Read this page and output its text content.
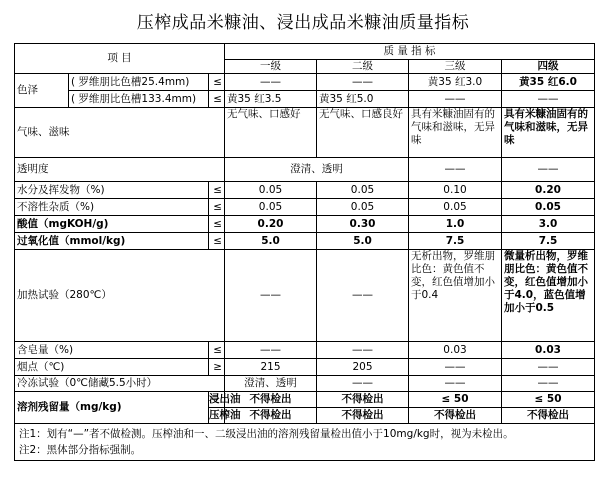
压榨成品米糠油、浸出成品米糠油质量指标
项 目			质 量 指 标			
			一级	二级	三级	四级
色泽	( 罗维朋比色槽25.4mm)	≤	——	——	黄35 红3.0	黄35 红6.0
	( 罗维朋比色槽133.4mm)	≤	黄35 红3.5	黄35 红5.0	——	——
气味、滋味			无气味、口感好	无气味、口感良好	具有米糠油固有的气味和滋味，无异味	具有米糠油固有的气味和滋味，无异味
透明度			澄清、透明		——	——
水分及挥发物（%)		≤	0.05	0.05	0.10	0.20
不溶性杂质（%)		≤	0.05	0.05	0.05	0.05
酸值（mgKOH/g)		≤	0.20	0.30	1.0	3.0
过氧化值（mmol/kg)		≤	5.0	5.0	7.5	7.5
加热试验（280℃）			——	——	无析出物，罗维朋比色：黄色值不变，红色值增加小于0.4	微量析出物，罗维朋比色：黄色值不变，红色值增加小于4.0，蓝色值增加小于0.5
含皂量（%)		≤	——	——	0.03	0.03
烟点（℃)		≥	215	205	——	——
冷冻试验（0℃储藏5.5小时）			澄清、透明	——	——	——
溶剂残留量（mg/kg)		浸出油	不得检出	不得检出	≤ 50	≤ 50
		压榨油	不得检出	不得检出	不得检出	不得检出

注1：划有“—”者不做检测。压榨油和一、二级浸出油的溶剂残留量检出值小于10mg/kg时，视为未检出。
注2：黑体部分指标强制。						
